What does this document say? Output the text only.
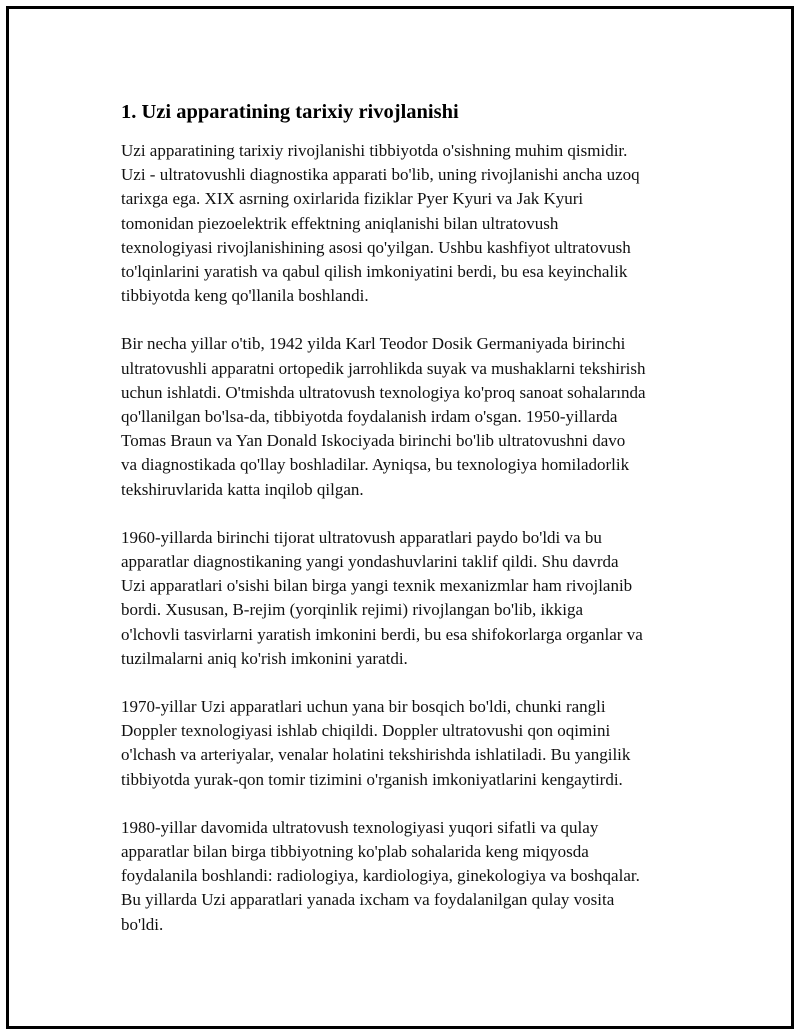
1. Uzi apparatining tarixiy rivojlanishi

Uzi apparatining tarixiy rivojlanishi tibbiyotda o'sishning muhim qismidir.
Uzi - ultratovushli diagnostika apparati bo'lib, uning rivojlanishi ancha uzoq
tarixga ega. XIX asrning oxirlarida fiziklar Pyer Kyuri va Jak Kyuri
tomonidan piezoelektrik effektning aniqlanishi bilan ultratovush
texnologiyasi rivojlanishining asosi qo'yilgan. Ushbu kashfiyot ultratovush
to'lqinlarini yaratish va qabul qilish imkoniyatini berdi, bu esa keyinchalik
tibbiyotda keng qo'llanila boshlandi.

Bir necha yillar o'tib, 1942 yilda Karl Teodor Dosik Germaniyada birinchi
ultratovushli apparatni ortopedik jarrohlikda suyak va mushaklarni tekshirish
uchun ishlatdi. O'tmishda ultratovush texnologiya ko'proq sanoat sohalarında
qo'llanilgan bo'lsa-da, tibbiyotda foydalanish irdam o'sgan. 1950-yillarda
Tomas Braun va Yan Donald Iskociyada birinchi bo'lib ultratovushni davo
va diagnostikada qo'llay boshladilar. Ayniqsa, bu texnologiya homiladorlik
tekshiruvlarida katta inqilob qilgan.

1960-yillarda birinchi tijorat ultratovush apparatlari paydo bo'ldi va bu
apparatlar diagnostikaning yangi yondashuvlarini taklif qildi. Shu davrda
Uzi apparatlari o'sishi bilan birga yangi texnik mexanizmlar ham rivojlanib
bordi. Xususan, B-rejim (yorqinlik rejimi) rivojlangan bo'lib, ikkiga
o'lchovli tasvirlarni yaratish imkonini berdi, bu esa shifokorlarga organlar va
tuzilmalarni aniq ko'rish imkonini yaratdi.

1970-yillar Uzi apparatlari uchun yana bir bosqich bo'ldi, chunki rangli
Doppler texnologiyasi ishlab chiqildi. Doppler ultratovushi qon oqimini
o'lchash va arteriyalar, venalar holatini tekshirishda ishlatiladi. Bu yangilik
tibbiyotda yurak-qon tomir tizimini o'rganish imkoniyatlarini kengaytirdi.

1980-yillar davomida ultratovush texnologiyasi yuqori sifatli va qulay
apparatlar bilan birga tibbiyotning ko'plab sohalarida keng miqyosda
foydalanila boshlandi: radiologiya, kardiologiya, ginekologiya va boshqalar.
Bu yillarda Uzi apparatlari yanada ixcham va foydalanilgan qulay vosita
bo'ldi.
